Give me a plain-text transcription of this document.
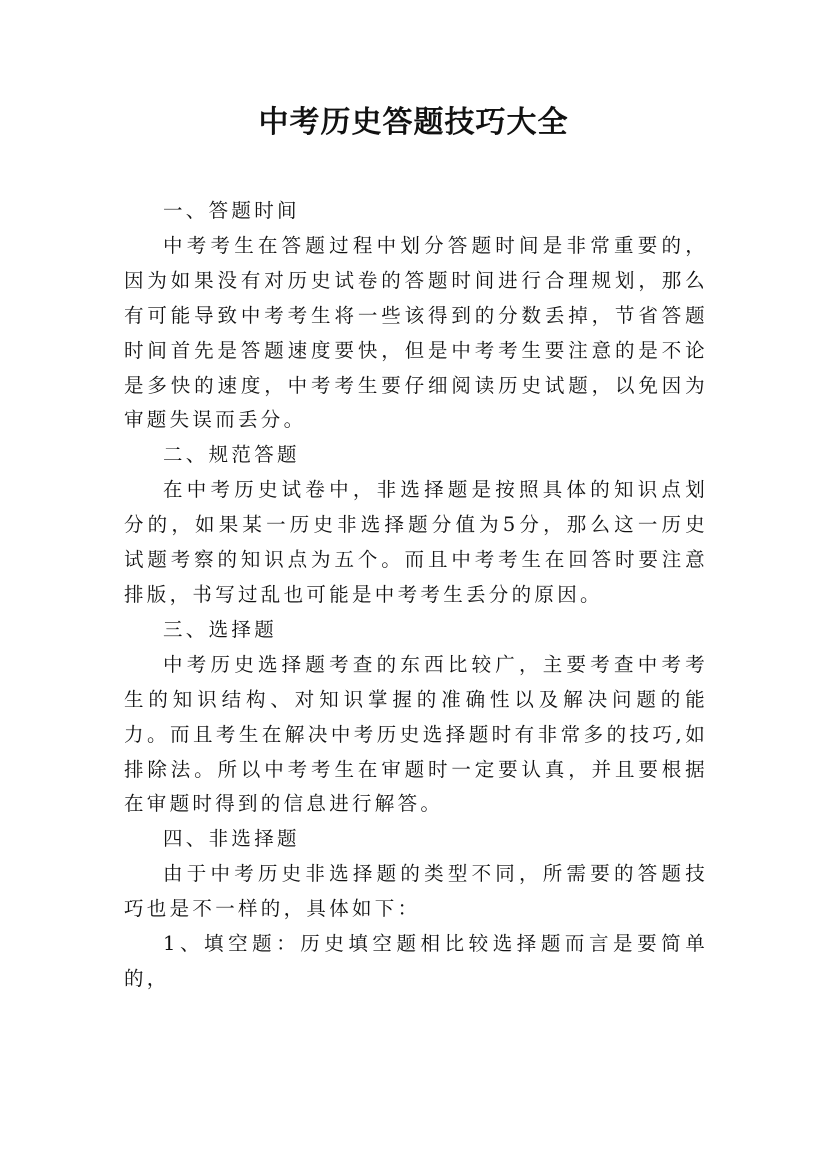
中考历史答题技巧大全

一、答题时间

中考考生在答题过程中划分答题时间是非常重要的，因为如果没有对历史试卷的答题时间进行合理规划，那么有可能导致中考考生将一些该得到的分数丢掉，节省答题时间首先是答题速度要快，但是中考考生要注意的是不论是多快的速度，中考考生要仔细阅读历史试题，以免因为审题失误而丢分。

二、规范答题

在中考历史试卷中，非选择题是按照具体的知识点划分的，如果某一历史非选择题分值为5分，那么这一历史试题考察的知识点为五个。而且中考考生在回答时要注意排版，书写过乱也可能是中考考生丢分的原因。

三、选择题

中考历史选择题考查的东西比较广，主要考查中考考生的知识结构、对知识掌握的准确性以及解决问题的能力。而且考生在解决中考历史选择题时有非常多的技巧,如排除法。所以中考考生在审题时一定要认真，并且要根据在审题时得到的信息进行解答。

四、非选择题

由于中考历史非选择题的类型不同，所需要的答题技巧也是不一样的，具体如下：

1、填空题：历史填空题相比较选择题而言是要简单的，
